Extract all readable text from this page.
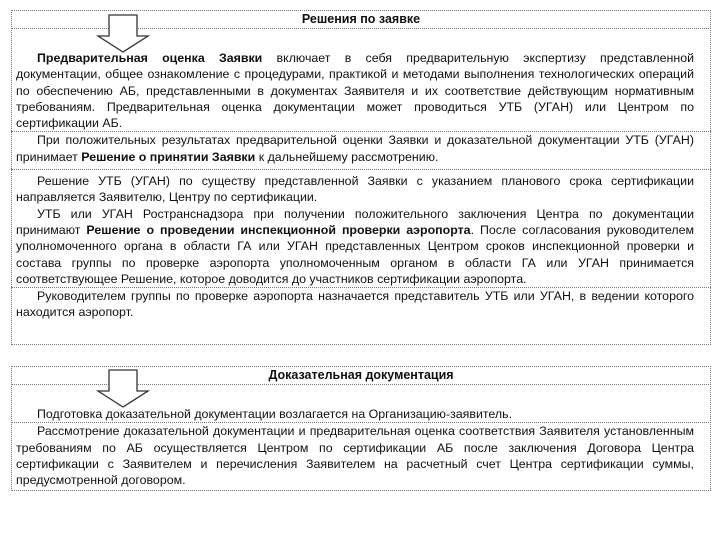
Решения по заявке

Предварительная оценка Заявки включает в себя предварительную экспертизу представленной документации, общее ознакомление с процедурами, практикой и методами выполнения технологических операций по обеспечению АБ, представленными в документах Заявителя и их соответствие действующим нормативным требованиям. Предварительная оценка документации может проводиться УТБ (УГАН) или Центром по сертификации АБ.

При положительных результатах предварительной оценки Заявки и доказательной документации УТБ (УГАН) принимает Решение о принятии Заявки к дальнейшему рассмотрению.

Решение УТБ (УГАН) по существу представленной Заявки с указанием планового срока сертификации направляется Заявителю, Центру по сертификации.

УТБ или УГАН Ространснадзора при получении положительного заключения Центра по документации принимают Решение о проведении инспекционной проверки аэропорта. После согласования руководителем уполномоченного органа в области ГА или УГАН представленных Центром сроков инспекционной проверки и состава группы по проверке аэропорта уполномоченным органом в области ГА или УГАН принимается соответствующее Решение, которое доводится до участников сертификации аэропорта.

Руководителем группы по проверке аэропорта назначается представитель УТБ или УГАН, в ведении которого находится аэропорт.

Доказательная документация

Подготовка доказательной документации возлагается на Организацию-заявитель.

Рассмотрение доказательной документации и предварительная оценка соответствия Заявителя установленным требованиям по АБ осуществляется Центром по сертификации АБ после заключения Договора Центра сертификации с Заявителем и перечисления Заявителем на расчетный счет Центра сертификации суммы, предусмотренной договором.
